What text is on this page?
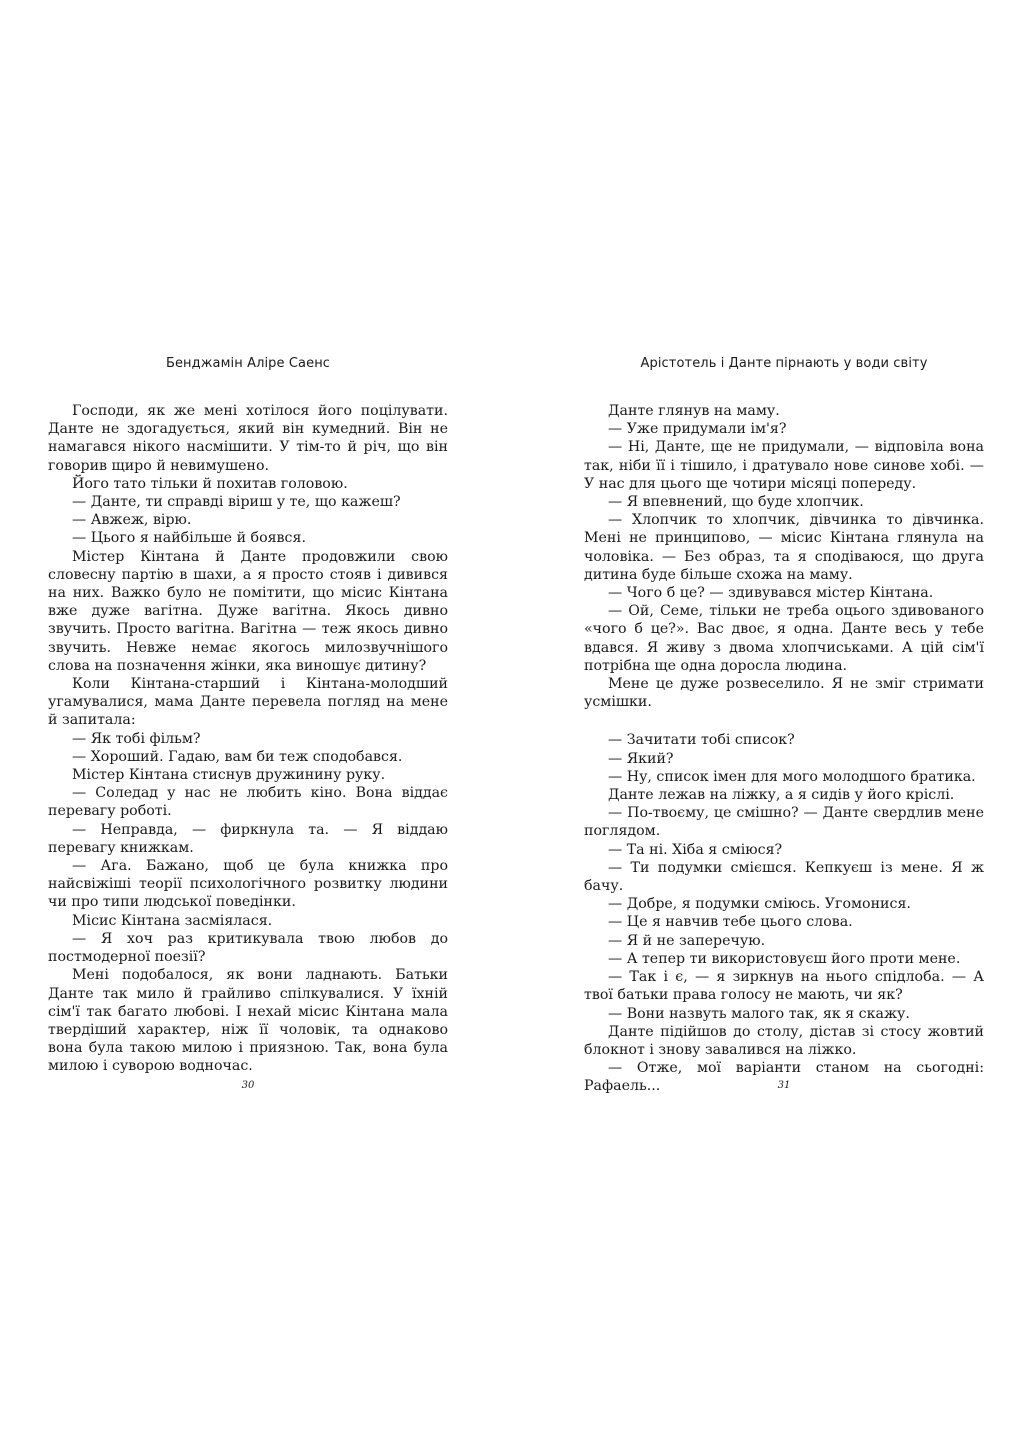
Бенджамін Аліре Саенс

Господи, як же мені хотілося його поцілувати. Данте не здогадується, який він кумедний. Він не намагався нікого насмішити. У тім-то й річ, що він говорив щиро й невимушено.

Його тато тільки й похитав головою.

— Данте, ти справді віриш у те, що кажеш?

— Авжеж, вірю.

— Цього я найбільше й боявся.

Містер Кінтана й Данте продовжили свою словесну партію в шахи, а я просто стояв і дивився на них. Важко було не помітити, що місис Кінтана вже дуже вагітна. Дуже вагітна. Якось дивно звучить. Просто вагітна. Вагітна — теж якось дивно звучить. Невже немає якогось милозвучнішого слова на позначення жінки, яка виношує дитину?

Коли Кінтана-старший і Кінтана-молодший угамувалися, мама Данте перевела погляд на мене й запитала:

— Як тобі фільм?

— Хороший. Гадаю, вам би теж сподобався.

Містер Кінтана стиснув дружинину руку.

— Соледад у нас не любить кіно. Вона віддає перевагу роботі.

— Неправда, — фиркнула та. — Я віддаю перевагу книжкам.

— Ага. Бажано, щоб це була книжка про найсвіжіші теорії психологічного розвитку людини чи про типи людської поведінки.

Місис Кінтана засміялася.

— Я хоч раз критикувала твою любов до постмодерної поезії?

Мені подобалося, як вони ладнають. Батьки Данте так мило й грайливо спілкувалися. У їхній сім'ї так багато любові. І нехай місис Кінтана мала твердіший характер, ніж її чоловік, та однаково вона була такою милою і приязною. Так, вона була милою і суворою водночас.

30
Арістотель і Данте пірнають у води світу

Данте глянув на маму.

— Уже придумали ім'я?

— Ні, Данте, ще не придумали, — відповіла вона так, ніби її і тішило, і дратувало нове синове хобі. — У нас для цього ще чотири місяці попереду.

— Я впевнений, що буде хлопчик.

— Хлопчик то хлопчик, дівчинка то дівчинка. Мені не принципово, — місис Кінтана глянула на чоловіка. — Без образ, та я сподіваюся, що друга дитина буде більше схожа на маму.

— Чого б це? — здивувався містер Кінтана.

— Ой, Семе, тільки не треба оцього здивованого «чого б це?». Вас двоє, я одна. Данте весь у тебе вдався. Я живу з двома хлопчиськами. А цій сім'ї потрібна ще одна доросла людина.

Мене це дуже розвеселило. Я не зміг стримати усмішки.

— Зачитати тобі список?

— Який?

— Ну, список імен для мого молодшого братика.

Данте лежав на ліжку, а я сидів у його кріслі.

— По-твоєму, це смішно? — Данте свердлив мене поглядом.

— Та ні. Хіба я сміюся?

— Ти подумки смієшся. Кепкуєш із мене. Я ж бачу.

— Добре, я подумки сміюсь. Угомонися.

— Це я навчив тебе цього слова.

— Я й не заперечую.

— А тепер ти використовуєш його проти мене.

— Так і є, — я зиркнув на нього спідлоба. — А твої батьки права голосу не мають, чи як?

— Вони назвуть малого так, як я скажу.

Данте підійшов до столу, дістав зі стосу жовтий блокнот і знову завалився на ліжко.

— Отже, мої варіанти станом на сьогодні: Рафаель...	31
